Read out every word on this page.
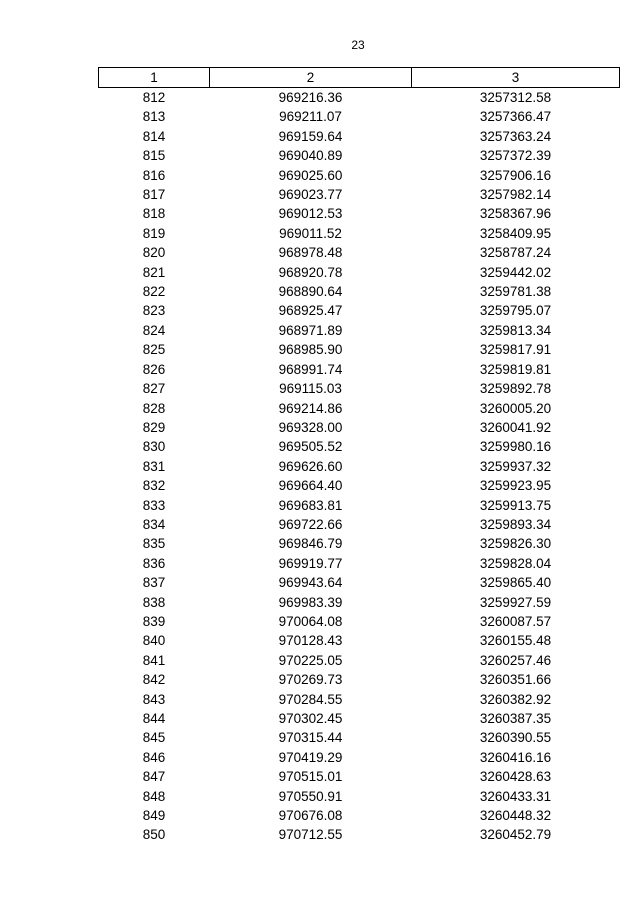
23
1	2	3
812	969216.36	3257312.58
813	969211.07	3257366.47
814	969159.64	3257363.24
815	969040.89	3257372.39
816	969025.60	3257906.16
817	969023.77	3257982.14
818	969012.53	3258367.96
819	969011.52	3258409.95
820	968978.48	3258787.24
821	968920.78	3259442.02
822	968890.64	3259781.38
823	968925.47	3259795.07
824	968971.89	3259813.34
825	968985.90	3259817.91
826	968991.74	3259819.81
827	969115.03	3259892.78
828	969214.86	3260005.20
829	969328.00	3260041.92
830	969505.52	3259980.16
831	969626.60	3259937.32
832	969664.40	3259923.95
833	969683.81	3259913.75
834	969722.66	3259893.34
835	969846.79	3259826.30
836	969919.77	3259828.04
837	969943.64	3259865.40
838	969983.39	3259927.59
839	970064.08	3260087.57
840	970128.43	3260155.48
841	970225.05	3260257.46
842	970269.73	3260351.66
843	970284.55	3260382.92
844	970302.45	3260387.35
845	970315.44	3260390.55
846	970419.29	3260416.16
847	970515.01	3260428.63
848	970550.91	3260433.31
849	970676.08	3260448.32
850	970712.55	3260452.79
